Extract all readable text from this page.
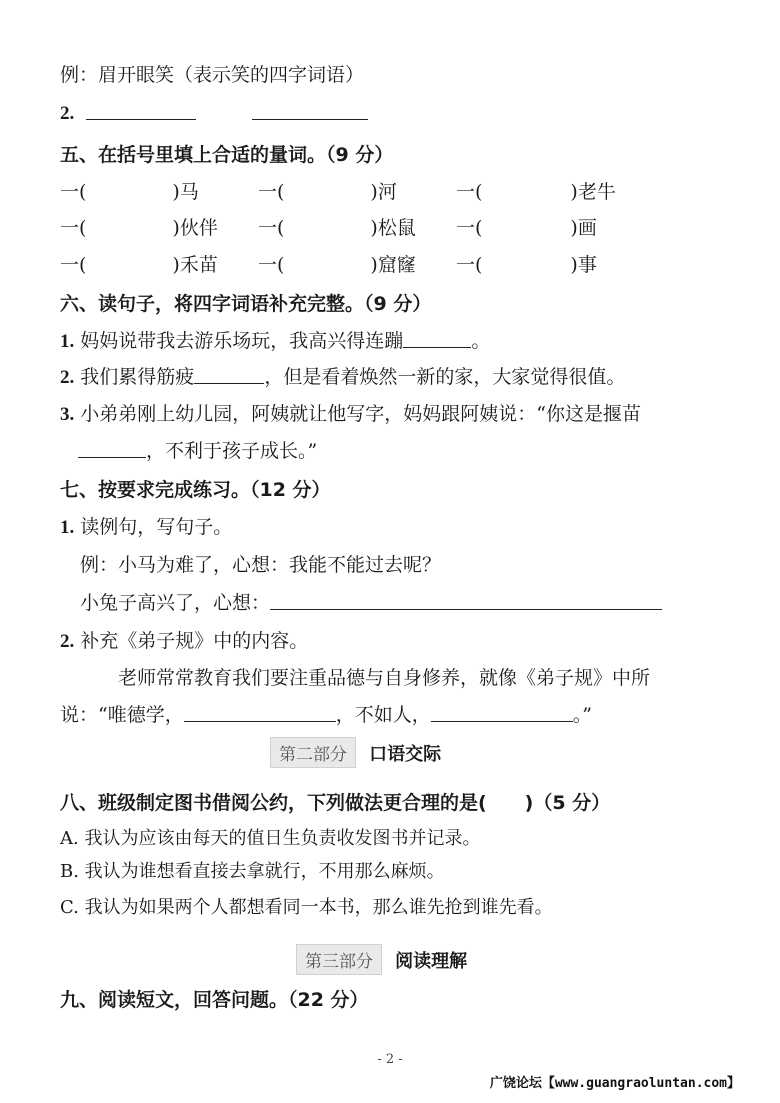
例：眉开眼笑（表示笑的四字词语）
2.
五、在括号里填上合适的量词。（9 分）
一(	)马	一(	)河	一(	)老牛
一(	)伙伴 一(	)松鼠 一(	)画
一(	)禾苗 一(	)窟窿 一(	)事
六、读句子，将四字词语补充完整。（9 分）
1. 妈妈说带我去游乐场玩，我高兴得连蹦	。
2. 我们累得筋疲	，但是看着焕然一新的家，大家觉得很值。
3. 小弟弟刚上幼儿园，阿姨就让他写字，妈妈跟阿姨说：“你这是揠苗
，不利于孩子成长。”
七、按要求完成练习。（12 分）
1. 读例句，写句子。
例：小马为难了，心想：我能不能过去呢？
小兔子高兴了，心想：
2. 补充《弟子规》中的内容。
老师常常教育我们要注重品德与自身修养，就像《弟子规》中所
说：“唯德学，	，不如人，	。”
第二部分 口语交际
八、班级制定图书借阅公约，下列做法更合理的是(　　)（5 分）
A. 我认为应该由每天的值日生负责收发图书并记录。
B. 我认为谁想看直接去拿就行，不用那么麻烦。
C. 我认为如果两个人都想看同一本书，那么谁先抢到谁先看。
第三部分 阅读理解
九、阅读短文，回答问题。（22 分）
- 2 -
广饶论坛【www.guangraoluntan.com】
